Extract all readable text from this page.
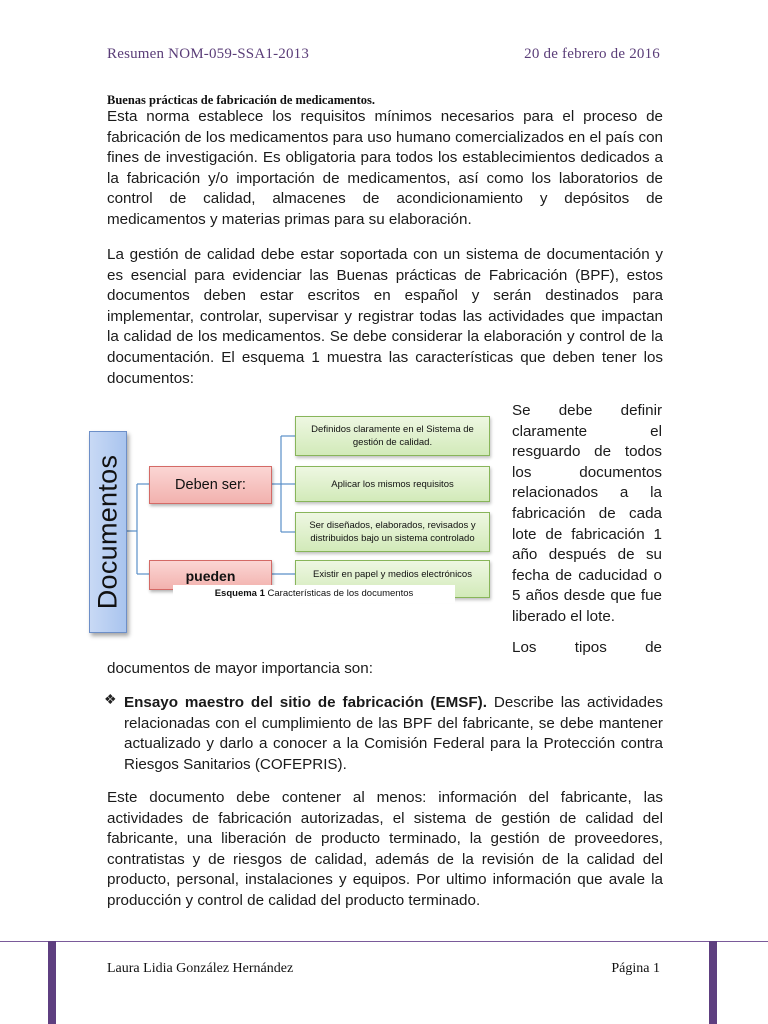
Resumen NOM-059-SSA1-2013	20 de febrero de 2016
Buenas prácticas de fabricación de medicamentos.

Esta norma establece los requisitos mínimos necesarios para el proceso de fabricación de los medicamentos para uso humano comercializados en el país con fines de investigación. Es obligatoria para todos los establecimientos dedicados a la fabricación y/o importación de medicamentos, así como los laboratorios de control de calidad, almacenes de acondicionamiento y depósitos de medicamentos y materias primas para su elaboración.

La gestión de calidad debe estar soportada con un sistema de documentación y es esencial para evidenciar las Buenas prácticas de Fabricación (BPF), estos documentos deben estar escritos en español y serán destinados para implementar, controlar, supervisar y registrar todas las actividades que impactan la calidad de los medicamentos. Se debe considerar la elaboración y control de la documentación. El esquema 1 muestra las características que deben tener los documentos:

Documentos	Deben ser:
pueden
Definidos claramente en el Sistema de gestión de calidad.
Aplicar los mismos requisitos
Ser diseñados, elaborados, revisados y distribuidos bajo un sistema controlado
Existir en papel y medios electrónicos
Esquema 1 Características de los documentos

Se debe definir claramente el resguardo de todos los documentos relacionados a la fabricación de cada lote de fabricación 1 año después de su fecha de caducidad o 5 años desde que fue liberado el lote.

Los tipos de

documentos de mayor importancia son:

❖ Ensayo maestro del sitio de fabricación (EMSF). Describe las actividades relacionadas con el cumplimiento de las BPF del fabricante, se debe mantener actualizado y darlo a conocer a la Comisión Federal para la Protección contra Riesgos Sanitarios (COFEPRIS).

Este documento debe contener al menos: información del fabricante, las actividades de fabricación autorizadas, el sistema de gestión de calidad del fabricante, una liberación de producto terminado, la gestión de proveedores, contratistas y de riesgos de calidad, además de la revisión de la calidad del producto, personal, instalaciones y equipos. Por ultimo información que avale la producción y control de calidad del producto terminado.

Laura Lidia González Hernández	Página 1
